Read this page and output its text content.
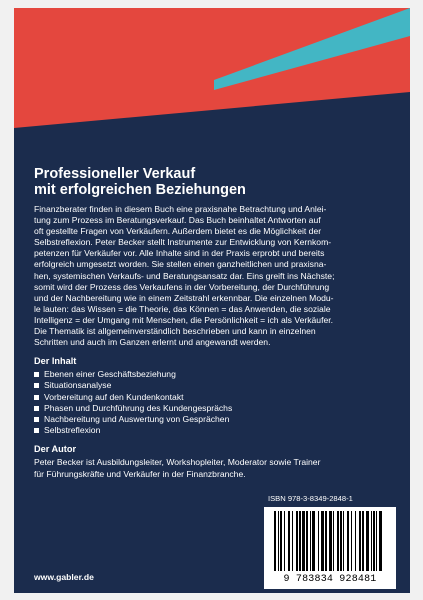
Professioneller Verkauf
mit erfolgreichen Beziehungen
Finanzberater finden in diesem Buch eine praxisnahe Betrachtung und Anlei-
tung zum Prozess im Beratungsverkauf. Das Buch beinhaltet Antworten auf
oft gestellte Fragen von Verkäufern. Außerdem bietet es die Möglichkeit der
Selbstreflexion. Peter Becker stellt Instrumente zur Entwicklung von Kernkom-
petenzen für Verkäufer vor. Alle Inhalte sind in der Praxis erprobt und bereits
erfolgreich umgesetzt worden. Sie stellen einen ganzheitlichen und praxisna-
hen, systemischen Verkaufs- und Beratungsansatz dar. Eins greift ins Nächste;
somit wird der Prozess des Verkaufens in der Vorbereitung, der Durchführung
und der Nachbereitung wie in einem Zeitstrahl erkennbar. Die einzelnen Modu-
le lauten: das Wissen = die Theorie, das Können = das Anwenden, die soziale
Intelligenz = der Umgang mit Menschen, die Persönlichkeit = ich als Verkäufer.
Die Thematik ist allgemeinverständlich beschrieben und kann in einzelnen
Schritten und auch im Ganzen erlernt und angewandt werden.
Der Inhalt
Ebenen einer Geschäftsbeziehung
Situationsanalyse
Vorbereitung auf den Kundenkontakt
Phasen und Durchführung des Kundengesprächs
Nachbereitung und Auswertung von Gesprächen
Selbstreflexion
Der Autor
Peter Becker ist Ausbildungsleiter, Workshopleiter, Moderator sowie Trainer
für Führungskräfte und Verkäufer in der Finanzbranche.
ISBN 978-3-8349-2848-1
9 783834 928481
www.gabler.de
